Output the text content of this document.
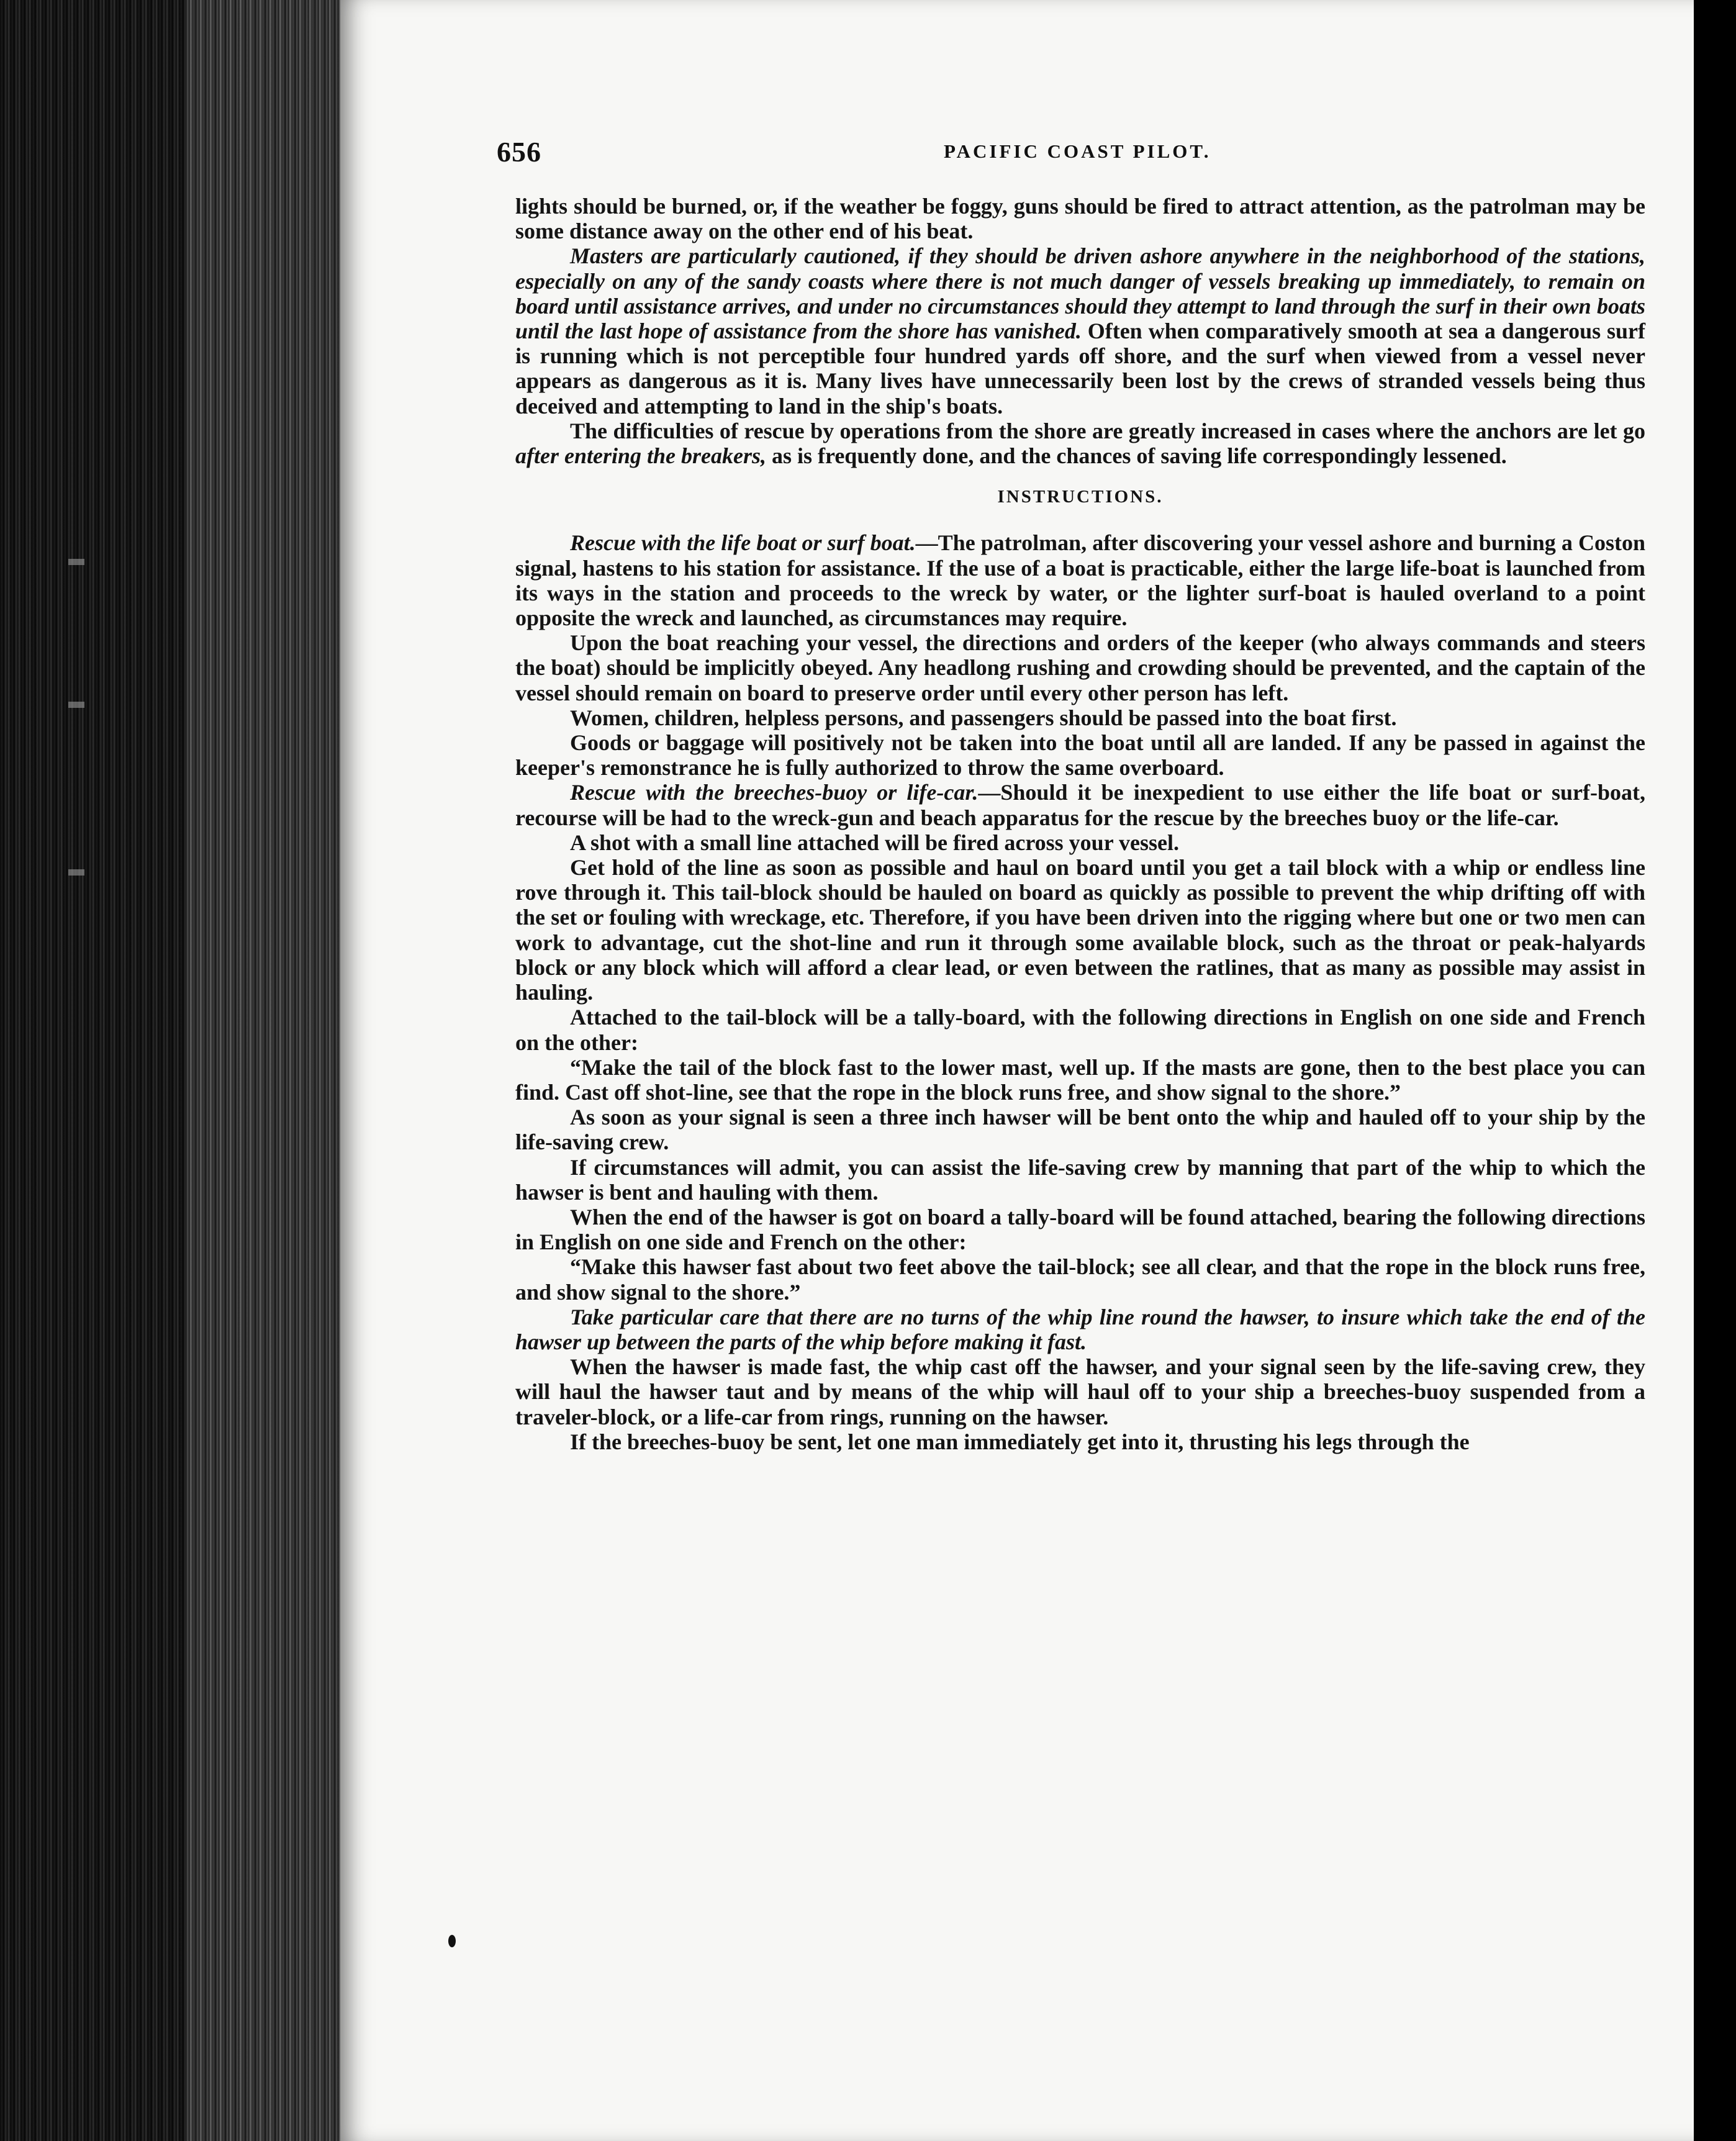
656	PACIFIC COAST PILOT.

lights should be burned, or, if the weather be foggy, guns should be fired to attract attention, as the patrolman may be some distance away on the other end of his beat.

Masters are particularly cautioned, if they should be driven ashore anywhere in the neighborhood of the stations, especially on any of the sandy coasts where there is not much danger of vessels breaking up immediately, to remain on board until assistance arrives, and under no circumstances should they attempt to land through the surf in their own boats until the last hope of assistance from the shore has vanished. Often when comparatively smooth at sea a dangerous surf is running which is not perceptible four hundred yards off shore, and the surf when viewed from a vessel never appears as dangerous as it is. Many lives have unnecessarily been lost by the crews of stranded vessels being thus deceived and attempting to land in the ship's boats.

The difficulties of rescue by operations from the shore are greatly increased in cases where the anchors are let go after entering the breakers, as is frequently done, and the chances of saving life correspondingly lessened.

INSTRUCTIONS.

Rescue with the life boat or surf boat.—The patrolman, after discovering your vessel ashore and burning a Coston signal, hastens to his station for assistance. If the use of a boat is practicable, either the large life-boat is launched from its ways in the station and proceeds to the wreck by water, or the lighter surf-boat is hauled overland to a point opposite the wreck and launched, as circumstances may require.

Upon the boat reaching your vessel, the directions and orders of the keeper (who always commands and steers the boat) should be implicitly obeyed. Any headlong rushing and crowding should be prevented, and the captain of the vessel should remain on board to preserve order until every other person has left.

Women, children, helpless persons, and passengers should be passed into the boat first.

Goods or baggage will positively not be taken into the boat until all are landed. If any be passed in against the keeper's remonstrance he is fully authorized to throw the same overboard.

Rescue with the breeches-buoy or life-car.—Should it be inexpedient to use either the life boat or surf-boat, recourse will be had to the wreck-gun and beach apparatus for the rescue by the breeches buoy or the life-car.

A shot with a small line attached will be fired across your vessel.

Get hold of the line as soon as possible and haul on board until you get a tail block with a whip or endless line rove through it. This tail-block should be hauled on board as quickly as possible to prevent the whip drifting off with the set or fouling with wreckage, etc. Therefore, if you have been driven into the rigging where but one or two men can work to advantage, cut the shot-line and run it through some available block, such as the throat or peak-halyards block or any block which will afford a clear lead, or even between the ratlines, that as many as possible may assist in hauling.

Attached to the tail-block will be a tally-board, with the following directions in English on one side and French on the other:

“Make the tail of the block fast to the lower mast, well up. If the masts are gone, then to the best place you can find. Cast off shot-line, see that the rope in the block runs free, and show signal to the shore.”

As soon as your signal is seen a three inch hawser will be bent onto the whip and hauled off to your ship by the life-saving crew.

If circumstances will admit, you can assist the life-saving crew by manning that part of the whip to which the hawser is bent and hauling with them.

When the end of the hawser is got on board a tally-board will be found attached, bearing the following directions in English on one side and French on the other:

“Make this hawser fast about two feet above the tail-block; see all clear, and that the rope in the block runs free, and show signal to the shore.”

Take particular care that there are no turns of the whip line round the hawser, to insure which take the end of the hawser up between the parts of the whip before making it fast.

When the hawser is made fast, the whip cast off the hawser, and your signal seen by the life-saving crew, they will haul the hawser taut and by means of the whip will haul off to your ship a breeches-buoy suspended from a traveler-block, or a life-car from rings, running on the hawser.

If the breeches-buoy be sent, let one man immediately get into it, thrusting his legs through the
